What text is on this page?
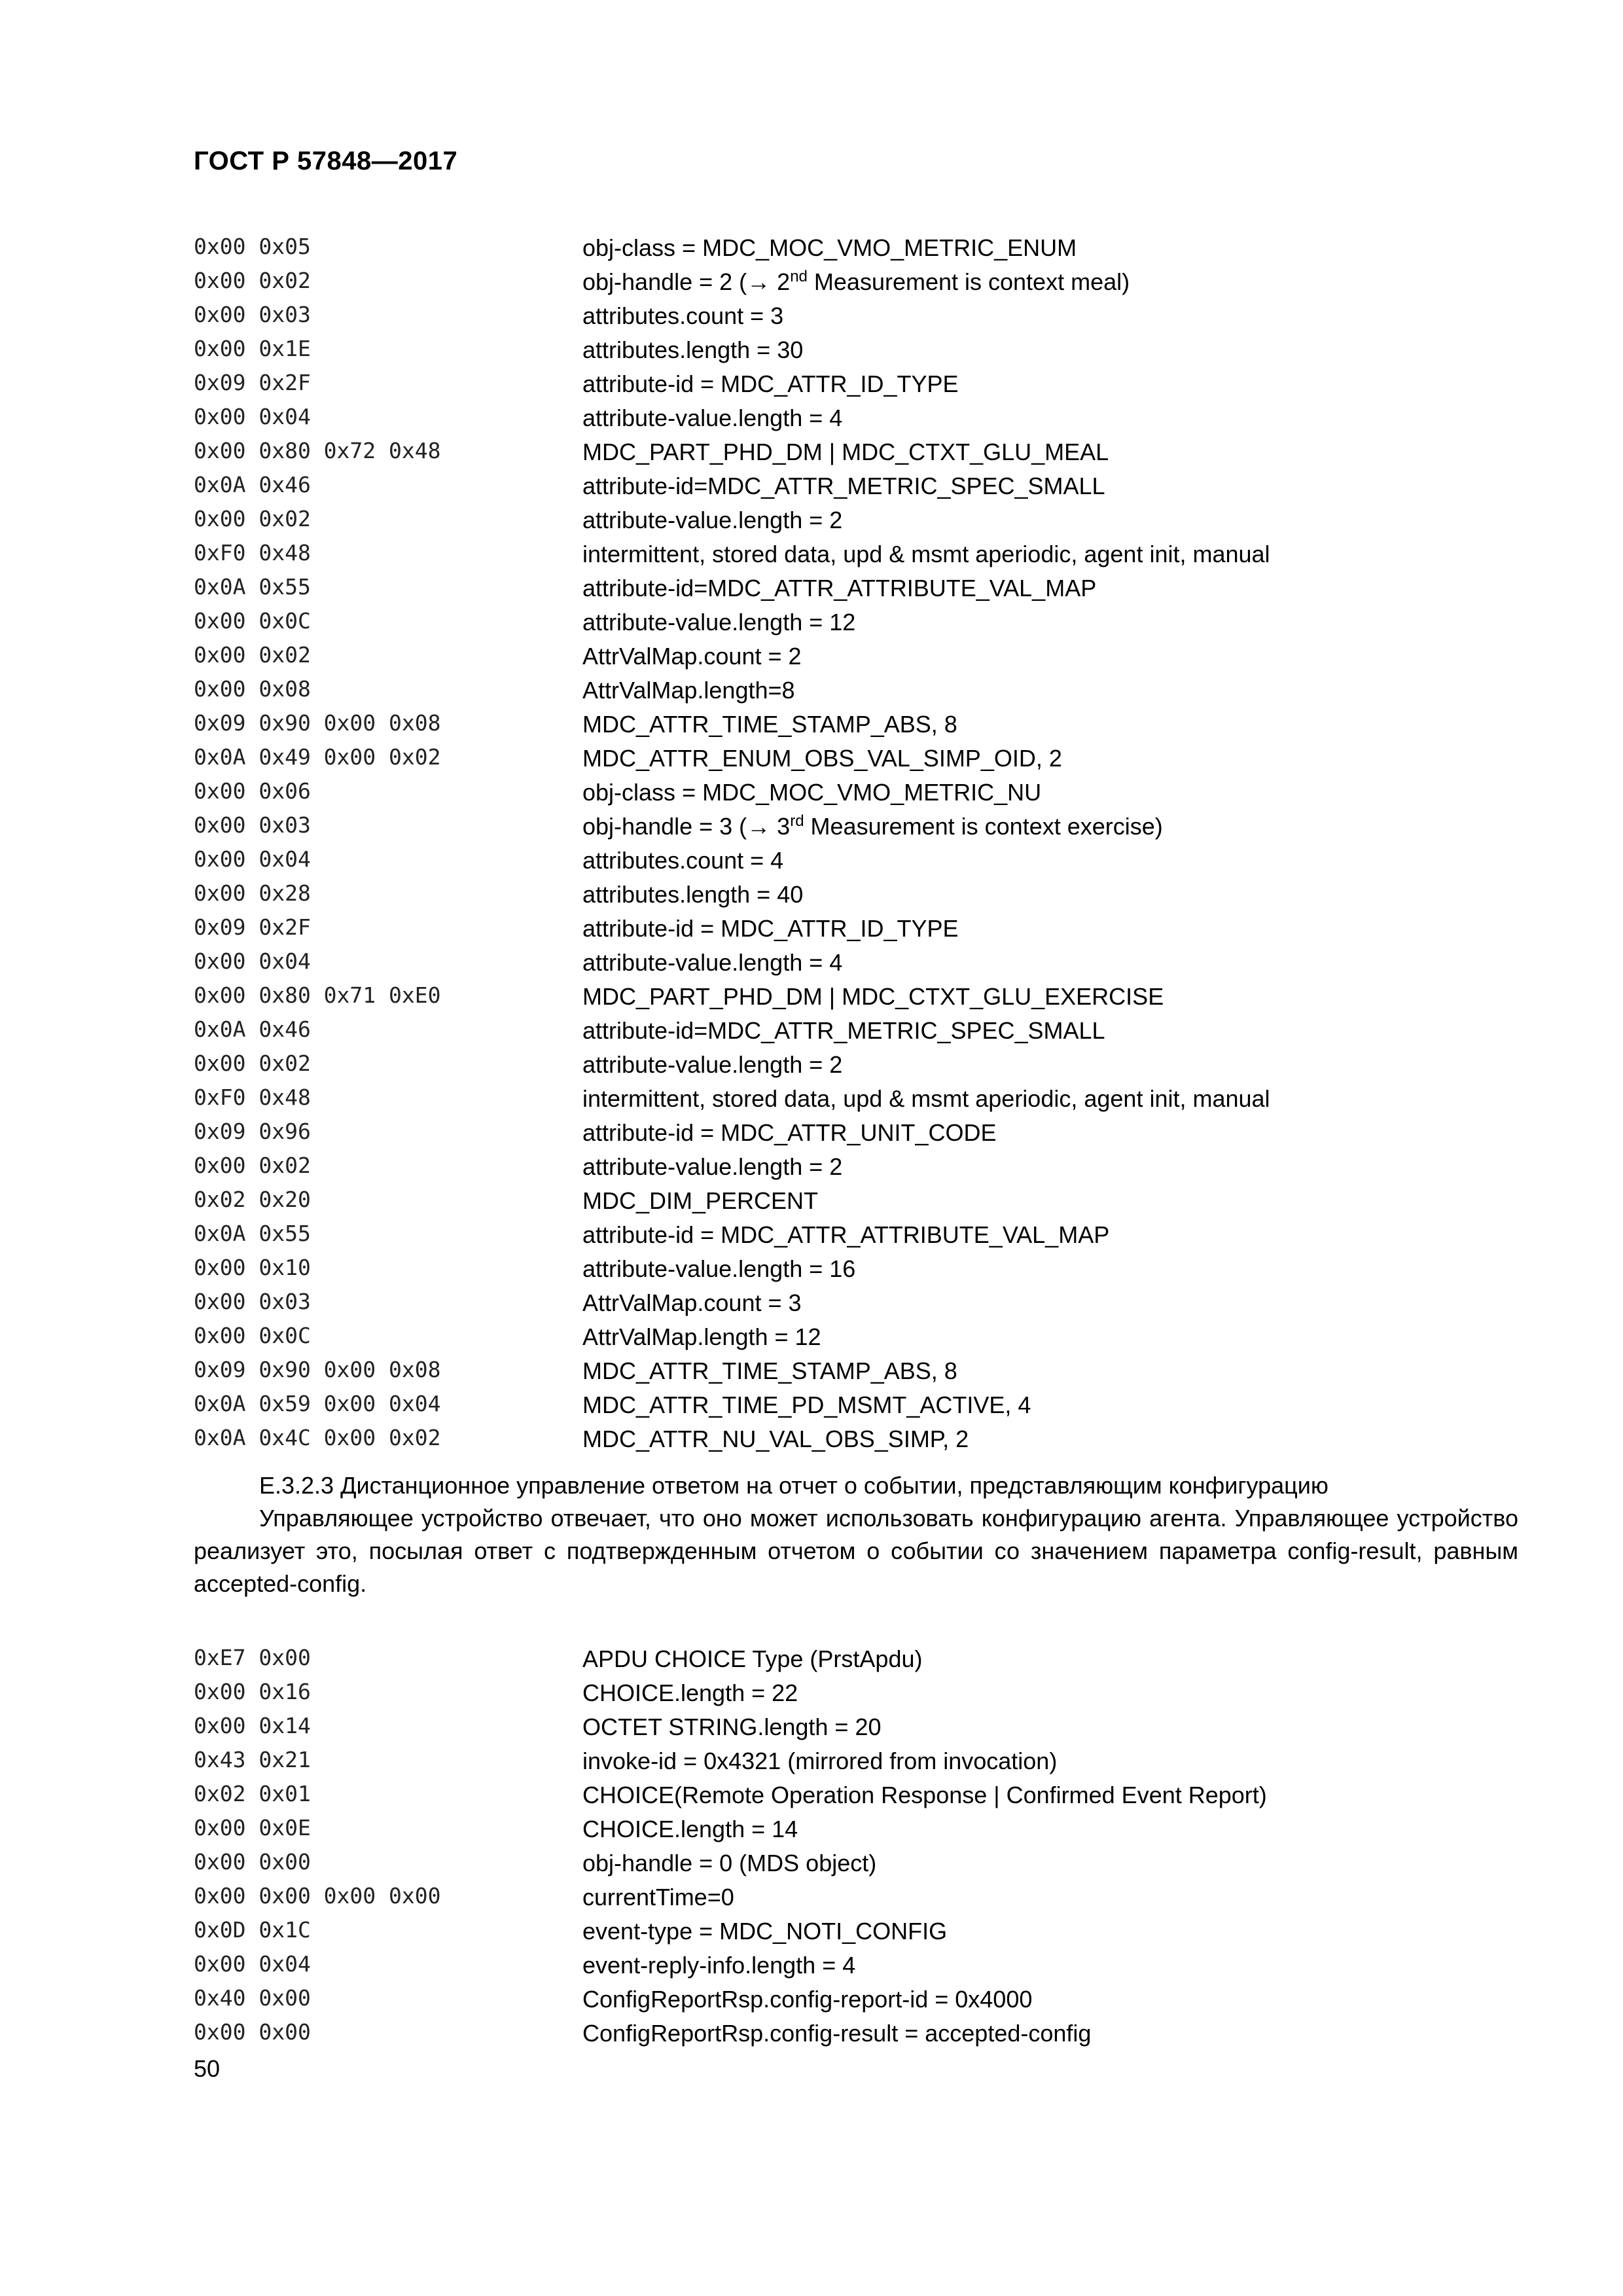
ГОСТ Р 57848—2017
0x00 0x05	obj-class = MDC_MOC_VMO_METRIC_ENUM
0x00 0x02	obj-handle = 2 (→ 2nd Measurement is context meal)
0x00 0x03	attributes.count = 3
0x00 0x1E	attributes.length = 30
0x09 0x2F	attribute-id = MDC_ATTR_ID_TYPE
0x00 0x04	attribute-value.length = 4
0x00 0x80 0x72 0x48	MDC_PART_PHD_DM | MDC_CTXT_GLU_MEAL
0x0A 0x46	attribute-id=MDC_ATTR_METRIC_SPEC_SMALL
0x00 0x02	attribute-value.length = 2
0xF0 0x48	intermittent, stored data, upd & msmt aperiodic, agent init, manual
0x0A 0x55	attribute-id=MDC_ATTR_ATTRIBUTE_VAL_MAP
0x00 0x0C	attribute-value.length = 12
0x00 0x02	AttrValMap.count = 2
0x00 0x08	AttrValMap.length=8
0x09 0x90 0x00 0x08	MDC_ATTR_TIME_STAMP_ABS, 8
0x0A 0x49 0x00 0x02	MDC_ATTR_ENUM_OBS_VAL_SIMP_OID, 2
0x00 0x06	obj-class = MDC_MOC_VMO_METRIC_NU
0x00 0x03	obj-handle = 3 (→ 3rd Measurement is context exercise)
0x00 0x04	attributes.count = 4
0x00 0x28	attributes.length = 40
0x09 0x2F	attribute-id = MDC_ATTR_ID_TYPE
0x00 0x04	attribute-value.length = 4
0x00 0x80 0x71 0xE0	MDC_PART_PHD_DM | MDC_CTXT_GLU_EXERCISE
0x0A 0x46	attribute-id=MDC_ATTR_METRIC_SPEC_SMALL
0x00 0x02	attribute-value.length = 2
0xF0 0x48	intermittent, stored data, upd & msmt aperiodic, agent init, manual
0x09 0x96	attribute-id = MDC_ATTR_UNIT_CODE
0x00 0x02	attribute-value.length = 2
0x02 0x20	MDC_DIM_PERCENT
0x0A 0x55	attribute-id = MDC_ATTR_ATTRIBUTE_VAL_MAP
0x00 0x10	attribute-value.length = 16
0x00 0x03	AttrValMap.count = 3
0x00 0x0C	AttrValMap.length = 12
0x09 0x90 0x00 0x08	MDC_ATTR_TIME_STAMP_ABS, 8
0x0A 0x59 0x00 0x04	MDC_ATTR_TIME_PD_MSMT_ACTIVE, 4
0x0A 0x4C 0x00 0x02	MDC_ATTR_NU_VAL_OBS_SIMP, 2

E.3.2.3 Дистанционное управление ответом на отчет о событии, представляющим конфигурацию

Управляющее устройство отвечает, что оно может использовать конфигурацию агента. Управляющее устройство реализует это, посылая ответ с подтвержденным отчетом о событии со значением параметра config-result, равным accepted-config.

0xE7 0x00	APDU CHOICE Type (PrstApdu)
0x00 0x16	CHOICE.length = 22
0x00 0x14	OCTET STRING.length = 20
0x43 0x21	invoke-id = 0x4321 (mirrored from invocation)
0x02 0x01	CHOICE(Remote Operation Response | Confirmed Event Report)
0x00 0x0E	CHOICE.length = 14
0x00 0x00	obj-handle = 0 (MDS object)
0x00 0x00 0x00 0x00	currentTime=0
0x0D 0x1C	event-type = MDC_NOTI_CONFIG
0x00 0x04	event-reply-info.length = 4
0x40 0x00	ConfigReportRsp.config-report-id = 0x4000
0x00 0x00	ConfigReportRsp.config-result = accepted-config
50
